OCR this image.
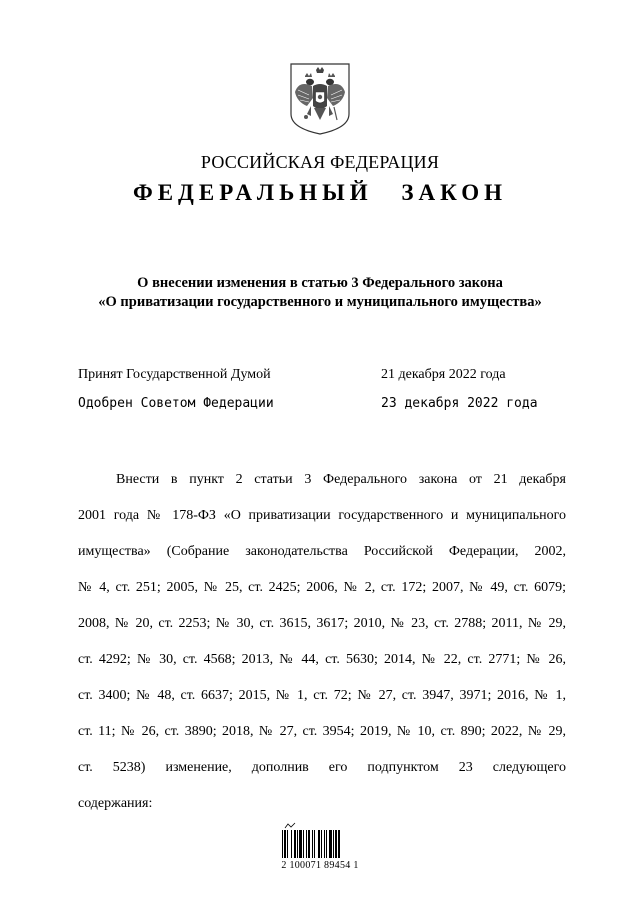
РОССИЙСКАЯ ФЕДЕРАЦИЯ
ФЕДЕРАЛЬНЫЙ ЗАКОН
О внесении изменения в статью 3 Федерального закона
«О приватизации государственного и муниципального имущества»
Принят Государственной Думой	21 декабря 2022 года
Одобрен Советом Федерации	23 декабря 2022 года
Внести в пункт 2 статьи 3 Федерального закона от 21 декабря
2001 года № 178-ФЗ «О приватизации государственного и муниципального
имущества» (Собрание законодательства Российской Федерации, 2002,
№ 4, ст. 251; 2005, № 25, ст. 2425; 2006, № 2, ст. 172; 2007, № 49, ст. 6079;
2008, № 20, ст. 2253; № 30, ст. 3615, 3617; 2010, № 23, ст. 2788; 2011, № 29,
ст. 4292; № 30, ст. 4568; 2013, № 44, ст. 5630; 2014, № 22, ст. 2771; № 26,
ст. 3400; № 48, ст. 6637; 2015, № 1, ст. 72; № 27, ст. 3947, 3971; 2016, № 1,
ст. 11; № 26, ст. 3890; 2018, № 27, ст. 3954; 2019, № 10, ст. 890; 2022, № 29,
ст. 5238) изменение, дополнив его подпунктом 23 следующего
содержания:
2 100071 89454 1
